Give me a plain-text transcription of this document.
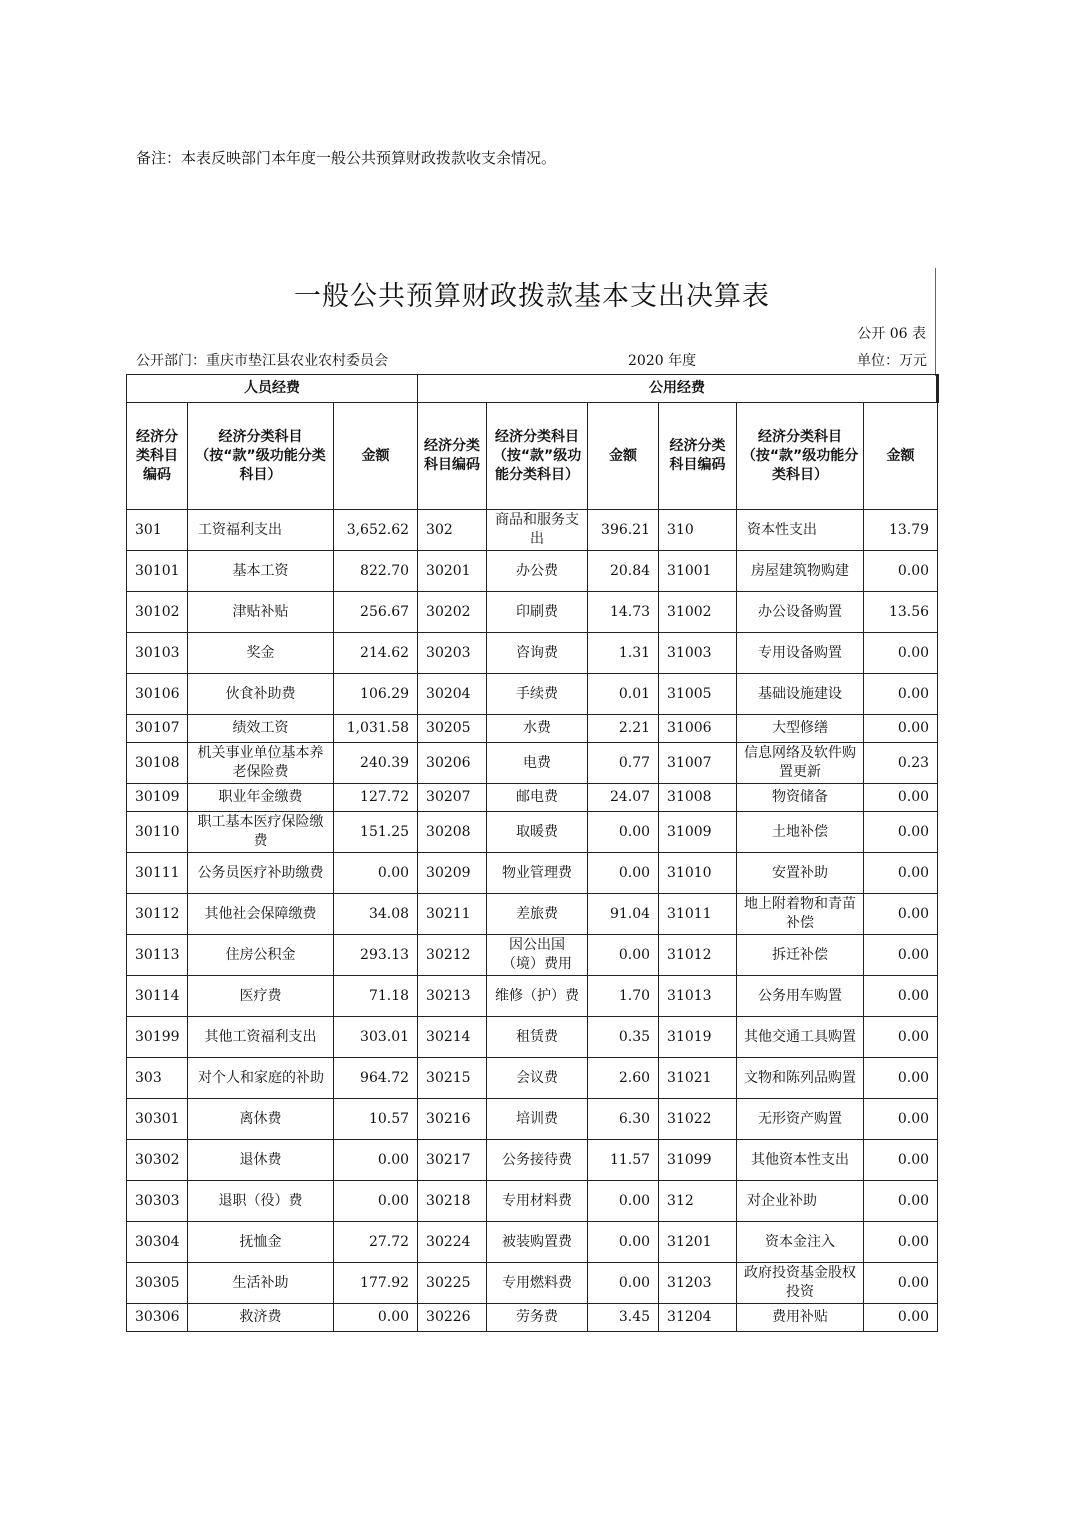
备注：本表反映部门本年度一般公共预算财政拨款收支余情况。
一般公共预算财政拨款基本支出决算表
公开 06 表
公开部门：重庆市垫江县农业农村委员会	2020 年度	单位：万元
人员经费			公用经费					
经济分类科目编码	经济分类科目（按“款”级功能分类科目）	金额	经济分类科目编码	经济分类科目（按“款”级功能分类科目）	金额	经济分类科目编码	经济分类科目（按“款”级功能分类科目）	金额
301	工资福利支出	3,652.62	302	商品和服务支出	396.21	310	资本性支出	13.79
30101	基本工资	822.70	30201	办公费	20.84	31001	房屋建筑物购建	0.00
30102	津贴补贴	256.67	30202	印刷费	14.73	31002	办公设备购置	13.56
30103	奖金	214.62	30203	咨询费	1.31	31003	专用设备购置	0.00
30106	伙食补助费	106.29	30204	手续费	0.01	31005	基础设施建设	0.00
30107	绩效工资	1,031.58	30205	水费	2.21	31006	大型修缮	0.00
30108	机关事业单位基本养老保险费	240.39	30206	电费	0.77	31007	信息网络及软件购置更新	0.23
30109	职业年金缴费	127.72	30207	邮电费	24.07	31008	物资储备	0.00
30110	职工基本医疗保险缴费	151.25	30208	取暖费	0.00	31009	土地补偿	0.00
30111	公务员医疗补助缴费	0.00	30209	物业管理费	0.00	31010	安置补助	0.00
30112	其他社会保障缴费	34.08	30211	差旅费	91.04	31011	地上附着物和青苗补偿	0.00
30113	住房公积金	293.13	30212	因公出国（境）费用	0.00	31012	拆迁补偿	0.00
30114	医疗费	71.18	30213	维修（护）费	1.70	31013	公务用车购置	0.00
30199	其他工资福利支出	303.01	30214	租赁费	0.35	31019	其他交通工具购置	0.00
303	对个人和家庭的补助	964.72	30215	会议费	2.60	31021	文物和陈列品购置	0.00
30301	离休费	10.57	30216	培训费	6.30	31022	无形资产购置	0.00
30302	退休费	0.00	30217	公务接待费	11.57	31099	其他资本性支出	0.00
30303	退职（役）费	0.00	30218	专用材料费	0.00	312	对企业补助	0.00
30304	抚恤金	27.72	30224	被装购置费	0.00	31201	资本金注入	0.00
30305	生活补助	177.92	30225	专用燃料费	0.00	31203	政府投资基金股权投资	0.00
30306	救济费	0.00	30226	劳务费	3.45	31204	费用补贴	0.00
